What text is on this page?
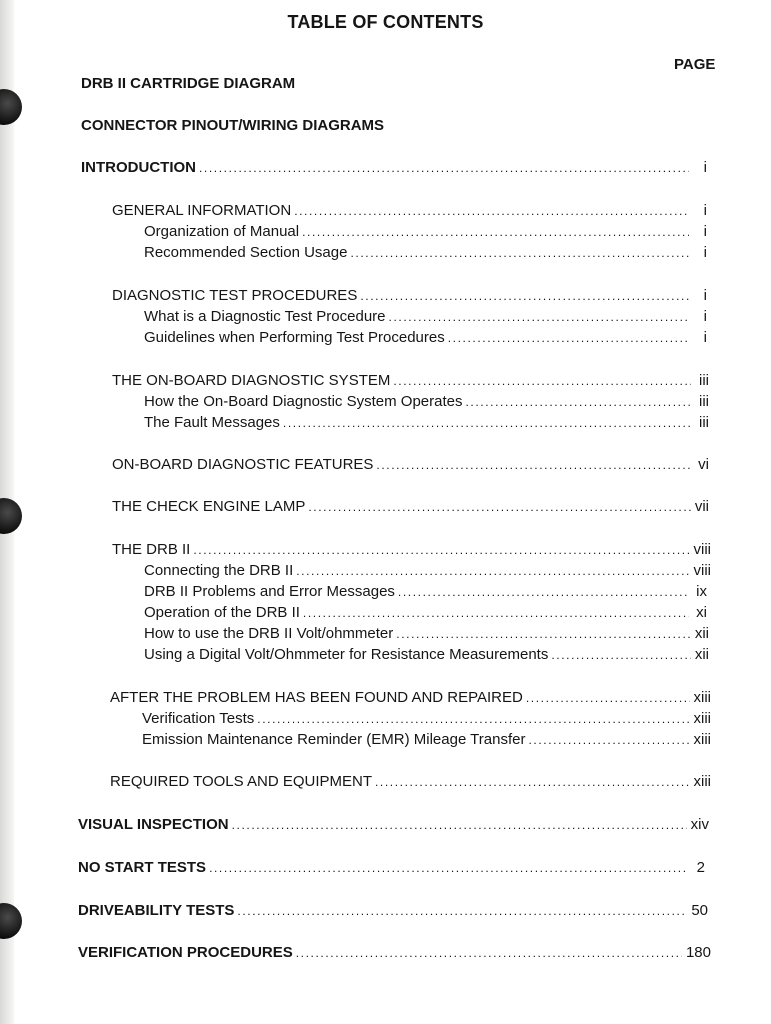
TABLE OF CONTENTS
PAGE
DRB II CARTRIDGE DIAGRAM
CONNECTOR PINOUT/WIRING DIAGRAMS
INTRODUCTION .....	i
GENERAL INFORMATION .....	i
Organization of Manual .....	i
Recommended Section Usage .....	i
DIAGNOSTIC TEST PROCEDURES .....	i
What is a Diagnostic Test Procedure .....	i
Guidelines when Performing Test Procedures .....	i
THE ON-BOARD DIAGNOSTIC SYSTEM .....	iii
How the On-Board Diagnostic System Operates .....	iii
The Fault Messages .....	iii
ON-BOARD DIAGNOSTIC FEATURES .....	vi
THE CHECK ENGINE LAMP .....	vii
THE DRB II .....	viii
Connecting the DRB II .....	viii
DRB II Problems and Error Messages .....	ix
Operation of the DRB II .....	xi
How to use the DRB II Volt/ohmmeter .....	xii
Using a Digital Volt/Ohmmeter for Resistance Measurements .....	xii
AFTER THE PROBLEM HAS BEEN FOUND AND REPAIRED .....	xiii
Verification Tests .....	xiii
Emission Maintenance Reminder (EMR) Mileage Transfer .....	xiii
REQUIRED TOOLS AND EQUIPMENT .....	xiii
VISUAL INSPECTION .....	xiv
NO START TESTS .....	2
DRIVEABILITY TESTS .....	50
VERIFICATION PROCEDURES .....	180
